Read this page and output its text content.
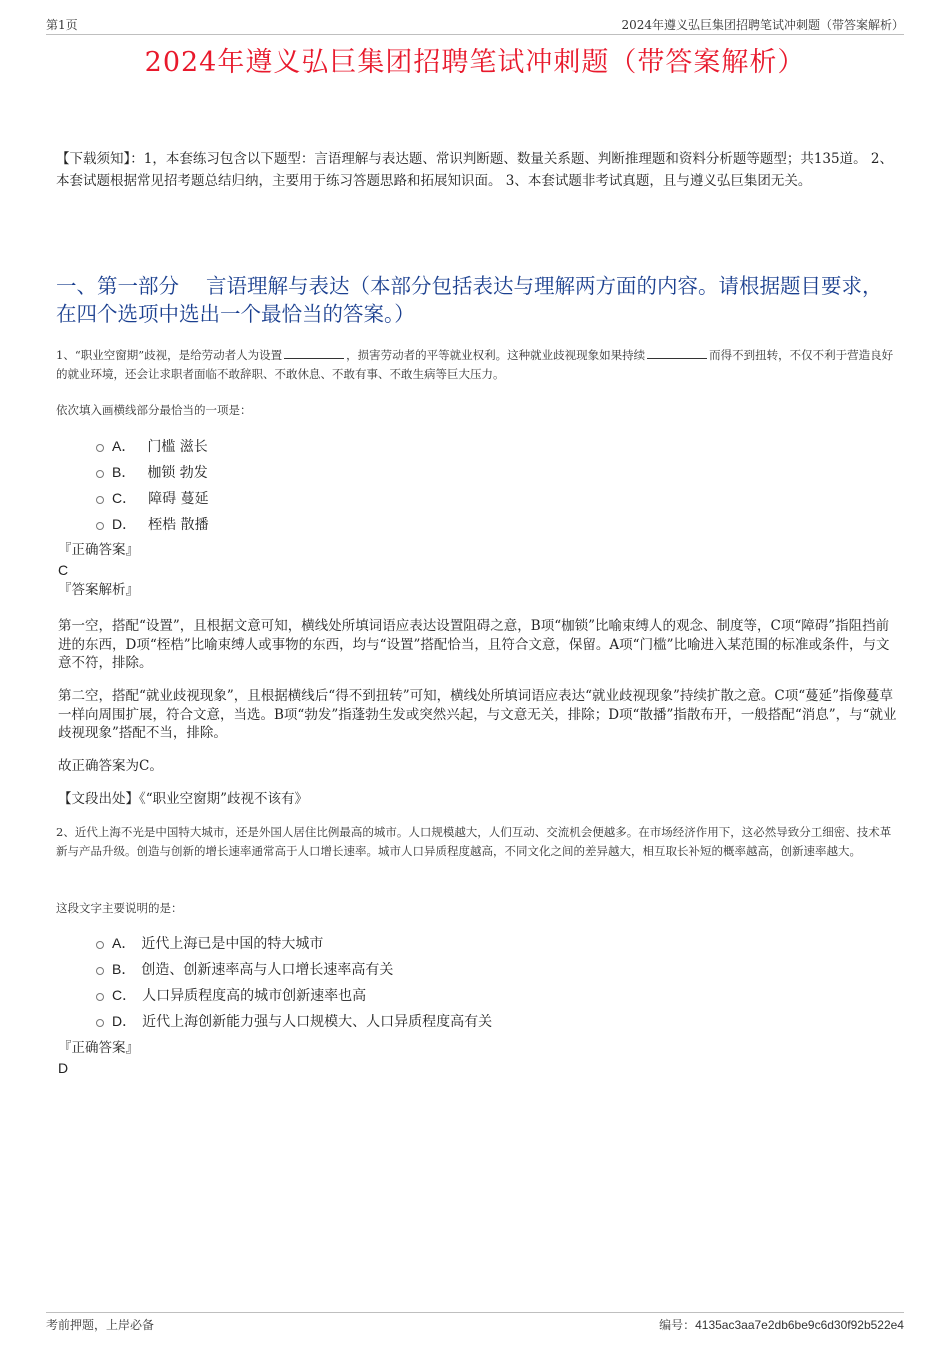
第1页	2024年遵义弘巨集团招聘笔试冲刺题（带答案解析）
2024年遵义弘巨集团招聘笔试冲刺题（带答案解析）
【下载须知】：1，本套练习包含以下题型：言语理解与表达题、常识判断题、数量关系题、判断推理题和资料分析题等题型；共135道。 2、本套试题根据常见招考题总结归纳，主要用于练习答题思路和拓展知识面。 3、本套试题非考试真题，且与遵义弘巨集团无关。
一、第一部分　 言语理解与表达（本部分包括表达与理解两方面的内容。请根据题目要求，在四个选项中选出一个最恰当的答案。）
1、“职业空窗期”歧视，是给劳动者人为设置	，损害劳动者的平等就业权利。这种就业歧视现象如果持续	而得不到扭转，不仅不利于营造良好的就业环境，还会让求职者面临不敢辞职、不敢休息、不敢有事、不敢生病等巨大压力。
依次填入画横线部分最恰当的一项是：
A． 门槛 滋长
B． 枷锁 勃发
C． 障碍 蔓延
D． 桎梏 散播
『正确答案』
C
『答案解析』
第一空，搭配“设置”，且根据文意可知，横线处所填词语应表达设置阻碍之意，B项“枷锁”比喻束缚人的观念、制度等，C项“障碍”指阻挡前进的东西，D项“桎梏”比喻束缚人或事物的东西，均与“设置”搭配恰当，且符合文意，保留。A项“门槛”比喻进入某范围的标准或条件，与文意不符，排除。
第二空，搭配“就业歧视现象”，且根据横线后“得不到扭转”可知，横线处所填词语应表达“就业歧视现象”持续扩散之意。C项“蔓延”指像蔓草一样向周围扩展，符合文意，当选。B项“勃发”指蓬勃生发或突然兴起，与文意无关，排除；D项“散播”指散布开，一般搭配“消息”，与“就业歧视现象”搭配不当，排除。
故正确答案为C。
【文段出处】《“职业空窗期”歧视不该有》
2、近代上海不光是中国特大城市，还是外国人居住比例最高的城市。人口规模越大，人们互动、交流机会便越多。在市场经济作用下，这必然导致分工细密、技术革新与产品升级。创造与创新的增长速率通常高于人口增长速率。城市人口异质程度越高，不同文化之间的差异越大，相互取长补短的概率越高，创新速率越大。
这段文字主要说明的是：
A． 近代上海已是中国的特大城市
B． 创造、创新速率高与人口增长速率高有关
C． 人口异质程度高的城市创新速率也高
D． 近代上海创新能力强与人口规模大、人口异质程度高有关
『正确答案』
D
考前押题，上岸必备	编号：4135ac3aa7e2db6be9c6d30f92b522e4
